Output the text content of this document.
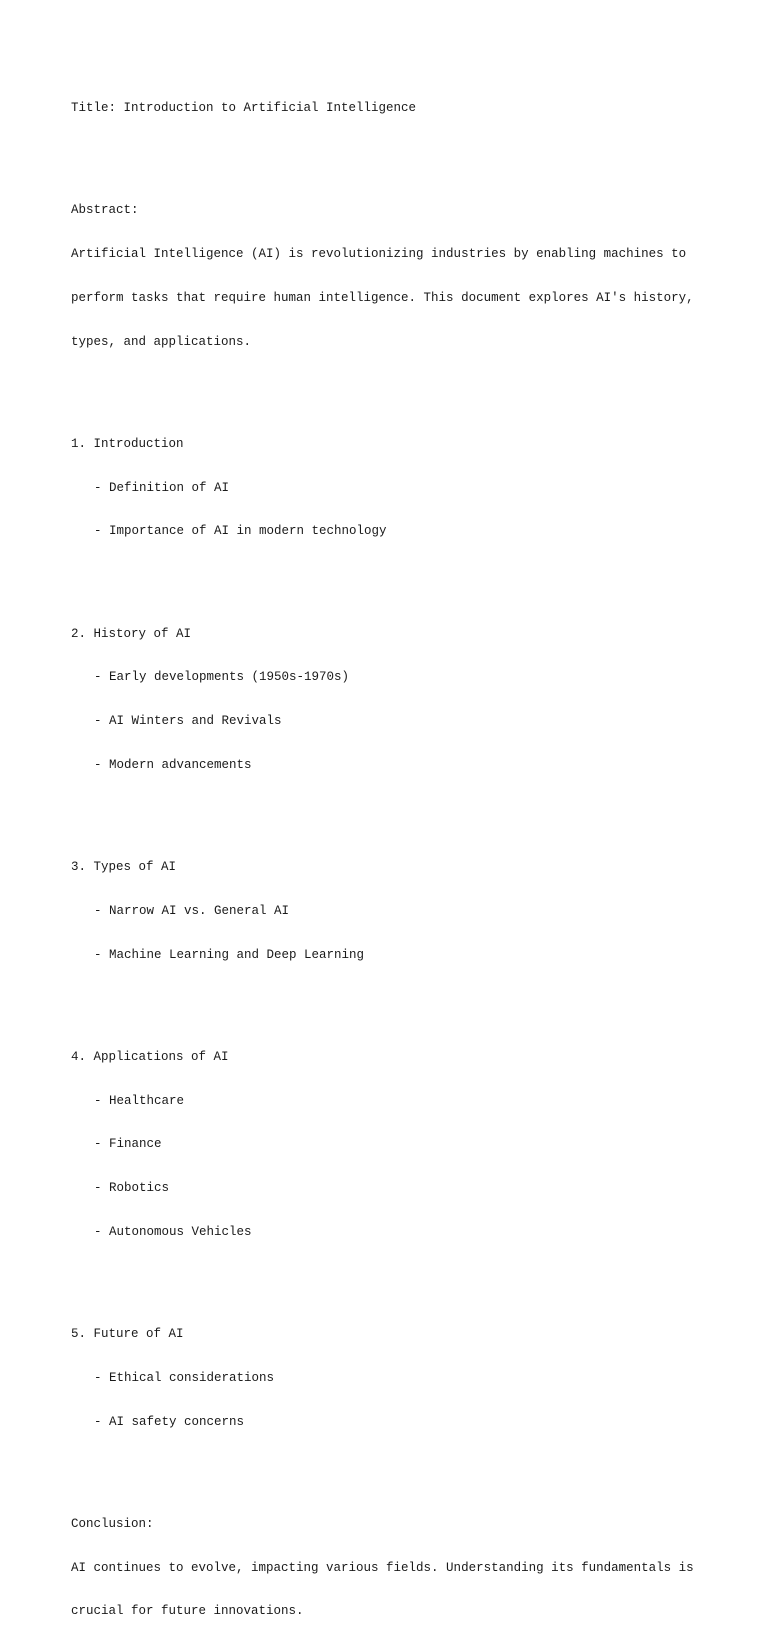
Title: Introduction to Artificial Intelligence

Abstract:

Artificial Intelligence (AI) is revolutionizing industries by enabling machines to

perform tasks that require human intelligence. This document explores AI's history,

types, and applications.

1. Introduction

- Definition of AI

- Importance of AI in modern technology

2. History of AI

- Early developments (1950s-1970s)

- AI Winters and Revivals

- Modern advancements

3. Types of AI

- Narrow AI vs. General AI

- Machine Learning and Deep Learning

4. Applications of AI

- Healthcare

- Finance

- Robotics

- Autonomous Vehicles

5. Future of AI

- Ethical considerations

- AI safety concerns

Conclusion:

AI continues to evolve, impacting various fields. Understanding its fundamentals is

crucial for future innovations.
